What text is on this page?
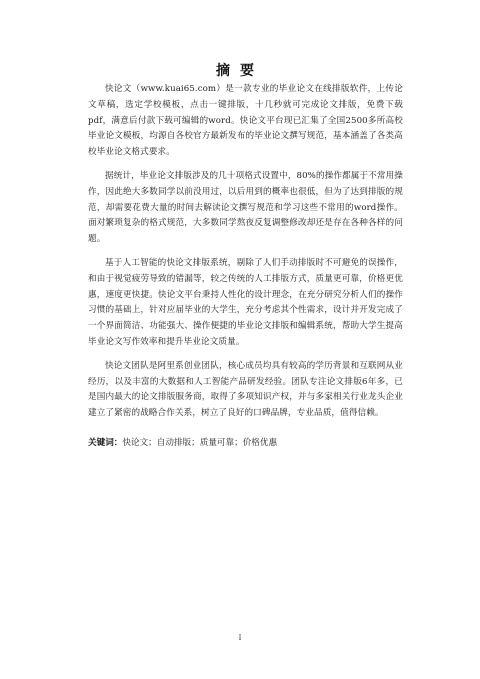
摘要

快论文（www.kuai65.com）是一款专业的毕业论文在线排版软件，上传论文草稿，选定学校模板，点击一键排版，十几秒就可完成论文排版，免费下载pdf，满意后付款下载可编辑的word。快论文平台现已汇集了全国2500多所高校毕业论文模板，均源自各校官方最新发布的毕业论文撰写规范，基本涵盖了各类高校毕业论文格式要求。

据统计，毕业论文排版涉及的几十项格式设置中，80%的操作都属于不常用操作，因此绝大多数同学以前没用过，以后用到的概率也很低，但为了达到排版的规范，却需要花费大量的时间去解读论文撰写规范和学习这些不常用的word操作。面对繁琐复杂的格式规范，大多数同学熬夜反复调整修改却还是存在各种各样的问题。

基于人工智能的快论文排版系统，剔除了人们手动排版时不可避免的误操作，和由于视觉疲劳导致的错漏等，较之传统的人工排版方式，质量更可靠，价格更优惠，速度更快捷。快论文平台秉持人性化的设计理念，在充分研究分析人们的操作习惯的基础上，针对应届毕业的大学生，充分考虑其个性需求，设计并开发完成了一个界面简洁、功能强大、操作便捷的毕业论文排版和编辑系统，帮助大学生提高毕业论文写作效率和提升毕业论文质量。

快论文团队是阿里系创业团队，核心成员均具有较高的学历背景和互联网从业经历，以及丰富的大数据和人工智能产品研发经验。团队专注论文排版6年多，已是国内最大的论文排版服务商，取得了多项知识产权，并与多家相关行业龙头企业建立了紧密的战略合作关系，树立了良好的口碑品牌，专业品质，值得信赖。

关键词：快论文；自动排版；质量可靠；价格优惠
I
